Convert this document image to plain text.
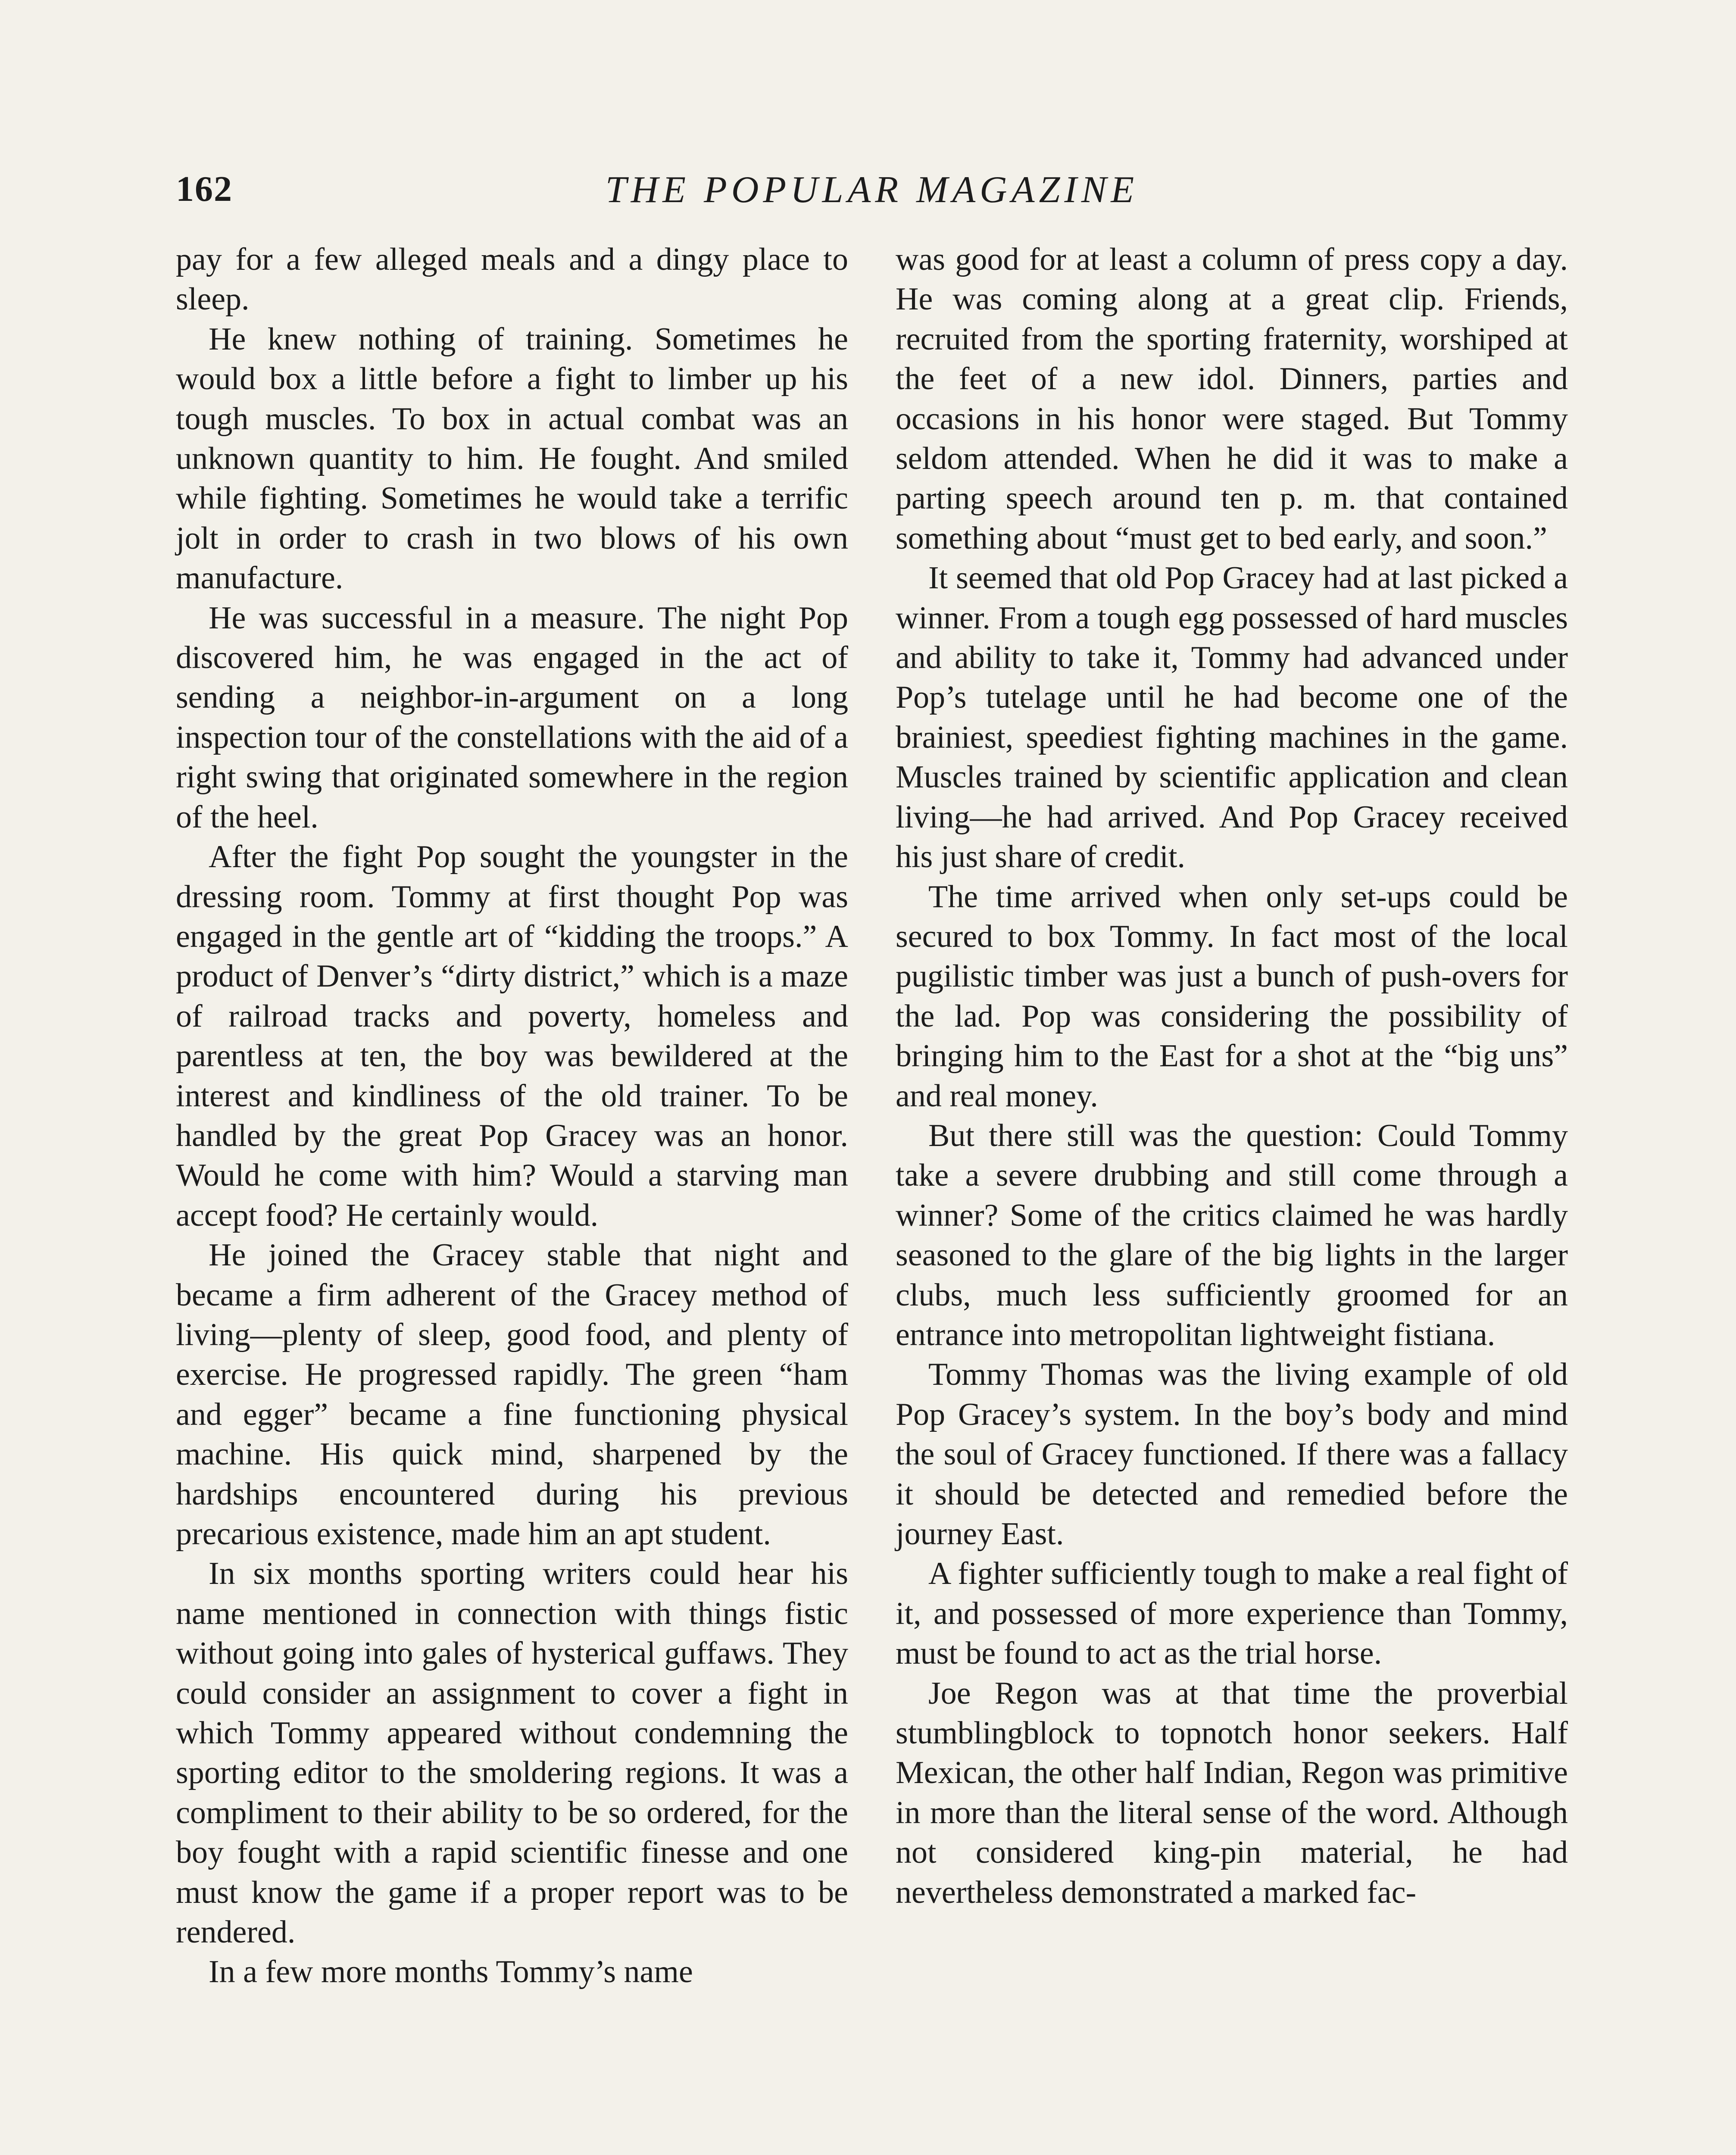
162	THE POPULAR MAGAZINE

pay for a few alleged meals and a dingy place to sleep.

He knew nothing of training. Sometimes he would box a little before a fight to limber up his tough muscles. To box in actual combat was an unknown quantity to him. He fought. And smiled while fighting. Sometimes he would take a terrific jolt in order to crash in two blows of his own manufacture.

He was successful in a measure. The night Pop discovered him, he was engaged in the act of sending a neighbor-in-argument on a long inspection tour of the constellations with the aid of a right swing that originated somewhere in the region of the heel.

After the fight Pop sought the youngster in the dressing room. Tommy at first thought Pop was engaged in the gentle art of “kidding the troops.” A product of Denver’s “dirty district,” which is a maze of railroad tracks and poverty, homeless and parentless at ten, the boy was bewildered at the interest and kindliness of the old trainer. To be handled by the great Pop Gracey was an honor. Would he come with him? Would a starving man accept food? He certainly would.

He joined the Gracey stable that night and became a firm adherent of the Gracey method of living—plenty of sleep, good food, and plenty of exercise. He progressed rapidly. The green “ham and egger” became a fine functioning physical machine. His quick mind, sharpened by the hardships encountered during his previous precarious existence, made him an apt student.

In six months sporting writers could hear his name mentioned in connection with things fistic without going into gales of hysterical guffaws. They could consider an assignment to cover a fight in which Tommy appeared without condemning the sporting editor to the smoldering regions. It was a compliment to their ability to be so ordered, for the boy fought with a rapid scientific finesse and one must know the game if a proper report was to be rendered.

In a few more months Tommy’s name

was good for at least a column of press copy a day. He was coming along at a great clip. Friends, recruited from the sporting fraternity, worshiped at the feet of a new idol. Dinners, parties and occasions in his honor were staged. But Tommy seldom attended. When he did it was to make a parting speech around ten p. m. that contained something about “must get to bed early, and soon.”

It seemed that old Pop Gracey had at last picked a winner. From a tough egg possessed of hard muscles and ability to take it, Tommy had advanced under Pop’s tutelage until he had become one of the brainiest, speediest fighting machines in the game. Muscles trained by scientific application and clean living—he had arrived. And Pop Gracey received his just share of credit.

The time arrived when only set-ups could be secured to box Tommy. In fact most of the local pugilistic timber was just a bunch of push-overs for the lad. Pop was considering the possibility of bringing him to the East for a shot at the “big uns” and real money.

But there still was the question: Could Tommy take a severe drubbing and still come through a winner? Some of the critics claimed he was hardly seasoned to the glare of the big lights in the larger clubs, much less sufficiently groomed for an entrance into metropolitan lightweight fistiana.

Tommy Thomas was the living example of old Pop Gracey’s system. In the boy’s body and mind the soul of Gracey functioned. If there was a fallacy it should be detected and remedied before the journey East.

A fighter sufficiently tough to make a real fight of it, and possessed of more experience than Tommy, must be found to act as the trial horse.

Joe Regon was at that time the proverbial stumblingblock to topnotch honor seekers. Half Mexican, the other half Indian, Regon was primitive in more than the literal sense of the word. Although not considered king-pin material, he had nevertheless demonstrated a marked fac-
